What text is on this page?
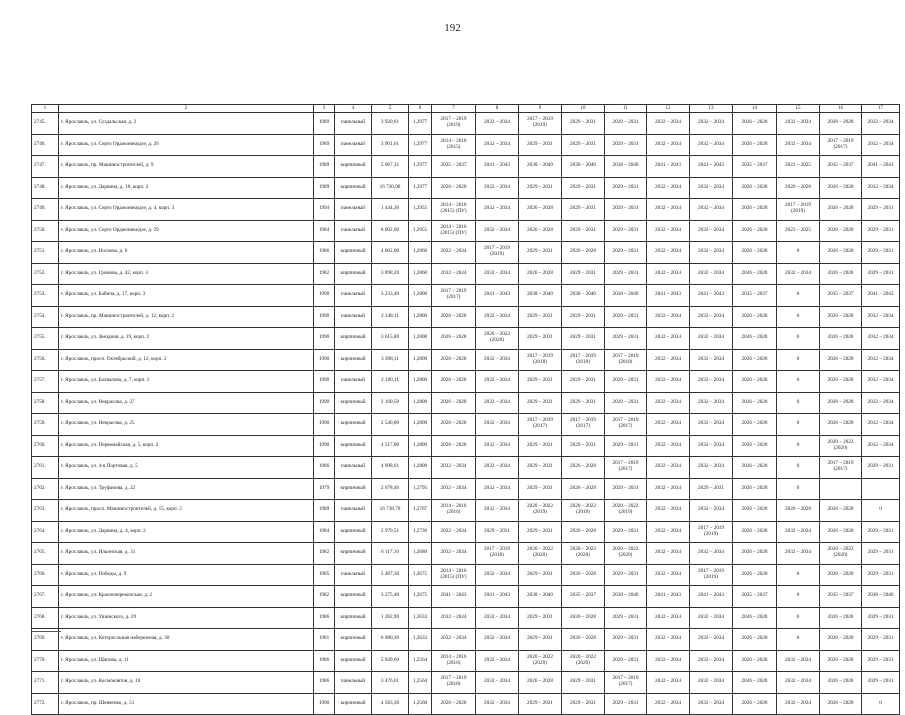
192
1	2	3	4	5	6	7	8	9	10	11	12	13	14	15	16	17
2745.	г. Ярославль, ул. Суздальская, д. 2	1989	панельный	3 920,61	1,2977	2017 – 2019 (2019)	2032 – 2034	2017 – 2019 (2019)	2029 – 2031	2029 – 2031	2032 – 2034	2032 – 2034	2026 – 2028	2032 – 2034	2026 – 2028	2032 – 2034
2746.	г. Ярославль, ул. Серго Орджоникидзе, д. 26	1989	панельный	3 901,61	1,2977	2014 – 2016 (2015)	2032 – 2034	2029 – 2031	2029 – 2031	2029 – 2031	2032 – 2034	2032 – 2034	2026 – 2028	2032 – 2034	2017 – 2019 (2017)	2032 – 2034
2747.	г. Ярославль, пр. Машиностроителей, д. 9	1989	кирпичный	5 067,31	1,2977	2035 – 2037	2041 – 2043	2038 – 2040	2038 – 2040	2038 – 2040	2041 – 2043	2041 – 2043	2035 – 2037	2023 – 2025	2035 – 2037	2041 – 2043
2748.	г. Ярославль, ул. Дарвина, д. 10, корп. 2	1989	кирпичный	16 720,90	1,2977	2026 – 2028	2032 – 2034	2029 – 2031	2029 – 2031	2029 – 2031	2032 – 2034	2032 – 2034	2026 – 2028	2026 – 2028	2026 – 2028	2032 – 2034
2749.	г. Ярославль, ул. Серго Орджоникидзе, д. 4, корп. 3	1994	панельный	1 444,30	1,2955	2014 – 2016 (2015) (ПУ)	2032 – 2034	2026 – 2028	2029 – 2031	2029 – 2031	2032 – 2034	2032 – 2034	2026 – 2028	2017 – 2019 (2019)	2026 – 2028	2029 – 2031
2750.	г. Ярославль, ул. Серго Орджоникидзе, д. 29	1984	панельный	8 802,60	1,2955	2014 – 2016 (2015) (ПУ)	2032 – 2034	2026 – 2028	2029 – 2031	2029 – 2031	2032 – 2034	2032 – 2034	2026 – 2028	2023 – 2025	2026 – 2028	2029 – 2031
2751.	г. Ярославль, ул. Носкова, д. 6	1986	кирпичный	4 002,00	1,2860	2032 – 2034	2017 – 2019 (2019)	2029 – 2031	2026 – 2028	2029 – 2031	2032 – 2034	2032 – 2034	2026 – 2028	0	2026 – 2028	2029 – 2031
2752.	г. Ярославль, ул. Громова, д. 42, корп. 3	1982	кирпичный	3 898,20	1,2860	2032 – 2034	2032 – 2034	2026 – 2028	2029 – 2031	2029 – 2031	2032 – 2034	2032 – 2034	2026 – 2028	2032 – 2034	2026 – 2028	2029 – 2031
2753.	г. Ярославль, ул. Бабича, д. 17, корп. 3	1990	панельный	3 233,40	1,2800	2017 – 2019 (2017)	2041 – 2043	2038 – 2040	2038 – 2040	2038 – 2040	2041 – 2043	2041 – 2043	2035 – 2037	0	2035 – 2037	2041 – 2043
2754.	г. Ярославль, пр. Машиностроителей, д. 12, корп. 2	1990	панельный	2 148,11	1,2800	2026 – 2028	2032 – 2034	2029 – 2031	2029 – 2031	2029 – 2031	2032 – 2034	2032 – 2034	2026 – 2028	0	2026 – 2028	2032 – 2034
2755.	г. Ярославль, ул. Звездная, д. 19, корп. 2	1990	кирпичный	3 615,80	1,2800	2026 – 2028	2020 – 2022 (2020)	2029 – 2031	2029 – 2031	2029 – 2031	2032 – 2034	2032 – 2034	2026 – 2028	0	2026 – 2028	2032 – 2034
2756.	г. Ярославль, просп. Октябрьский, д. 12, корп. 2	1990	кирпичный	3 398,11	1,2800	2026 – 2028	2032 – 2034	2017 – 2019 (2018)	2017 – 2019 (2018)	2017 – 2019 (2018)	2032 – 2034	2032 – 2034	2026 – 2028	0	2026 – 2028	2032 – 2034
2757.	г. Ярославль, ул. Бахвалова, д. 7, корп. 2	1990	панельный	2 180,11	1,2800	2026 – 2028	2032 – 2034	2029 – 2031	2029 – 2031	2029 – 2031	2032 – 2034	2032 – 2034	2026 – 2028	0	2026 – 2028	2032 – 2034
2758.	г. Ярославль, ул. Некрасова, д. 27	1990	кирпичный	2 160,50	1,2800	2026 – 2028	2032 – 2034	2029 – 2031	2029 – 2031	2029 – 2031	2032 – 2034	2032 – 2034	2026 – 2028	0	2026 – 2028	2032 – 2034
2759.	г. Ярославль, ул. Некрасова, д. 25	1990	кирпичный	2 540,80	1,2800	2026 – 2028	2032 – 2034	2017 – 2019 (2017)	2017 – 2019 (2017)	2017 – 2019 (2017)	2032 – 2034	2032 – 2034	2026 – 2028	0	2026 – 2028	2032 – 2034
2760.	г. Ярославль, ул. Первомайская, д. 5, корп. 2	1990	кирпичный	4 517,80	1,2800	2026 – 2028	2032 – 2034	2029 – 2031	2029 – 2031	2029 – 2031	2032 – 2034	2032 – 2034	2026 – 2028	0	2020 – 2022 (2020)	2032 – 2034
2761.	г. Ярославль, ул. 4-я Портовая, д. 5	1986	панельный	4 098,61	1,2800	2032 – 2034	2032 – 2034	2029 – 2031	2026 – 2028	2017 – 2019 (2017)	2032 – 2034	2032 – 2034	2026 – 2028	0	2017 – 2019 (2017)	2029 – 2031
2762.	г. Ярославль, ул. Труфанова, д. 22	1979	кирпичный	2 678,46	1,2795	2032 – 2034	2032 – 2034	2029 – 2031	2026 – 2028	2029 – 2031	2032 – 2034	2029 – 2031	2026 – 2028	0		
2763.	г. Ярославль, просп. Машиностроителей, д. 15, корп. 2	1989	панельный	16 738,70	1,2767	2014 – 2016 (2016)	2032 – 2034	2020 – 2022 (2019)	2020 – 2022 (2019)	2020 – 2022 (2019)	2032 – 2034	2032 – 2034	2026 – 2028	2026 – 2028	2026 – 2028	0
2764.	г. Ярославль, ул. Дарвина, д. 4, корп. 2	1984	кирпичный	2 970,51	1,2730	2032 – 2034	2029 – 2031	2029 – 2031	2026 – 2028	2029 – 2031	2032 – 2034	2017 – 2019 (2019)	2026 – 2028	2032 – 2034	2026 – 2028	2029 – 2031
2765.	г. Ярославль, ул. Ильинская, д. 31	1982	кирпичный	6 117,10	1,2680	2032 – 2034	2017 – 2019 (2018)	2020 – 2022 (2020)	2020 – 2022 (2020)	2020 – 2022 (2020)	2032 – 2034	2032 – 2034	2026 – 2028	2032 – 2034	2020 – 2022 (2020)	2029 – 2031
2766.	г. Ярославль, ул. Победы, д. 9	1985	панельный	5 487,30	1,2675	2014 – 2016 (2015) (ПУ)	2032 – 2034	2029 – 2031	2026 – 2028	2029 – 2031	2032 – 2034	2017 – 2019 (2019)	2026 – 2028	0	2026 – 2028	2029 – 2031
2767.	г. Ярославль, ул. Красноперекопская, д. 2	1982	кирпичный	3 275,40	1,2675	2041 – 2043	2041 – 2043	2038 – 2040	2035 – 2037	2038 – 2040	2041 – 2043	2041 – 2043	2035 – 2037	0	2035 – 2037	2038 – 2040
2768.	г. Ярославль, ул. Ушинского, д. 29	1986	кирпичный	1 282,90	1,2633	2032 – 2034	2032 – 2034	2029 – 2031	2026 – 2028	2029 – 2031	2032 – 2034	2032 – 2034	2026 – 2028	0	2026 – 2028	2029 – 2031
2769.	г. Ярославль, ул. Которосльная набережная, д. 30	1981	кирпичный	6 080,30	1,2633	2032 – 2034	2032 – 2034	2029 – 2031	2026 – 2028	2029 – 2031	2032 – 2034	2032 – 2034	2026 – 2028	0	2026 – 2028	2029 – 2031
2770.	г. Ярославль, ул. Щапова, д. 11	1986	кирпичный	5 949,60	1,2564	2014 – 2016 (2016)	2032 – 2034	2020 – 2022 (2020)	2020 – 2022 (2020)	2029 – 2031	2032 – 2034	2032 – 2034	2026 – 2028	2032 – 2034	2026 – 2028	2029 – 2031
2771.	г. Ярославль, ул. Космонавтов, д. 16	1986	панельный	3 476,61	1,2564	2017 – 2019 (2018)	2032 – 2034	2026 – 2028	2029 – 2031	2017 – 2019 (2017)	2032 – 2034	2032 – 2034	2026 – 2028	2032 – 2034	2026 – 2028	2029 – 2031
2772.	г. Ярославль, пр. Шевченко, д. 51	1990	кирпичный	4 583,30	1,2560	2026 – 2028	2032 – 2034	2029 – 2031	2029 – 2031	2029 – 2031	2032 – 2034	2032 – 2034	2026 – 2028	2032 – 2034	2026 – 2028	0
